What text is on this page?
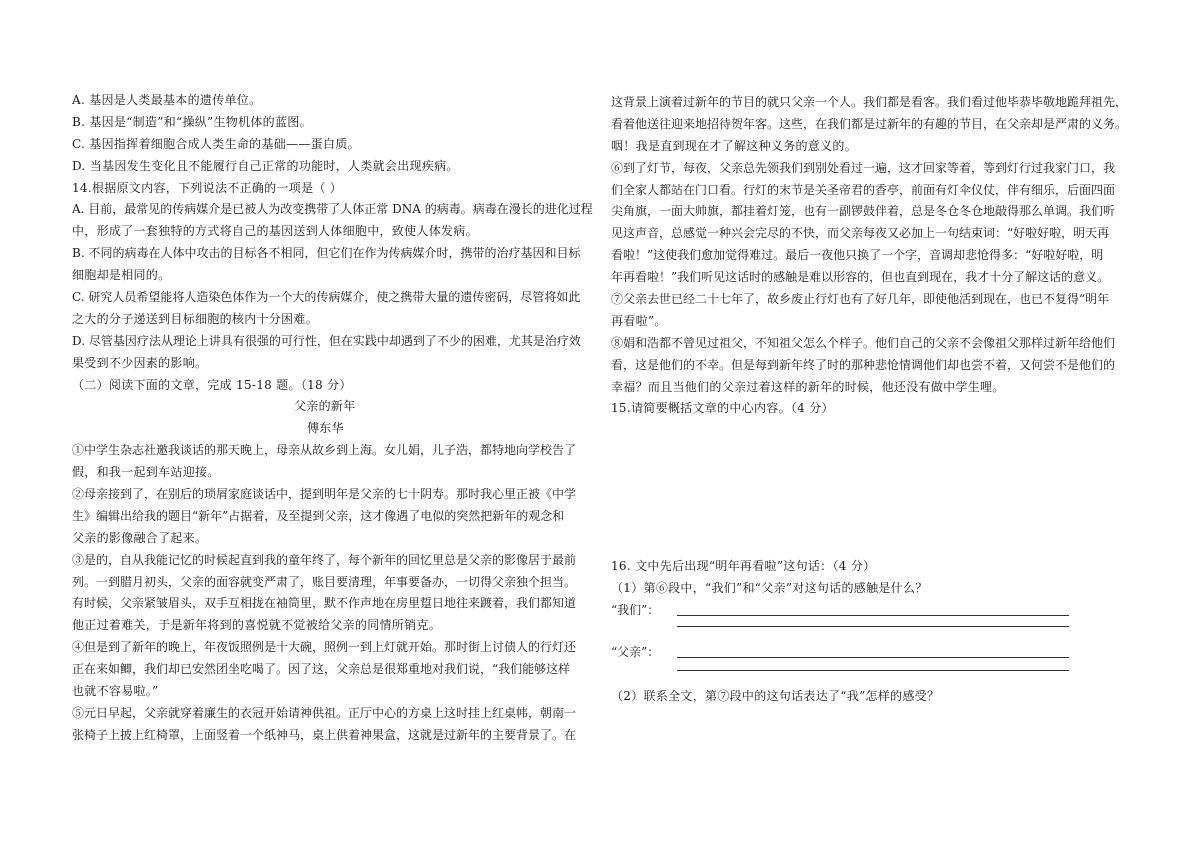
A. 基因是人类最基本的遗传单位。
B. 基因是“制造”和“操纵”生物机体的蓝图。
C. 基因指挥着细胞合成人类生命的基础——蛋白质。
D. 当基因发生变化且不能履行自己正常的功能时，人类就会出现疾病。
14.根据原文内容，下列说法不正确的一项是（ ）
A. 目前，最常见的传病媒介是已被人为改变携带了人体正常 DNA 的病毒。病毒在漫长的进化过程
中，形成了一套独特的方式将自己的基因送到人体细胞中，致使人体发病。
B. 不同的病毒在人体中攻击的目标各不相同，但它们在作为传病媒介时，携带的治疗基因和目标
细胞却是相同的。
C. 研究人员希望能将人造染色体作为一个大的传病媒介，使之携带大量的遗传密码，尽管将如此
之大的分子递送到目标细胞的核内十分困难。
D. 尽管基因疗法从理论上讲具有很强的可行性，但在实践中却遇到了不少的困难，尤其是治疗效
果受到不少因素的影响。
（二）阅读下面的文章，完成 15-18 题。（18 分）
父亲的新年
傅东华
①中学生杂志社邀我谈话的那天晚上，母亲从故乡到上海。女儿娟，儿子浩，都特地向学校告了
假，和我一起到车站迎接。
②母亲接到了，在别后的琐屑家庭谈话中，提到明年是父亲的七十阴寿。那时我心里正被《中学
生》编辑出给我的题目“新年”占据着，及至提到父亲，这才像遇了电似的突然把新年的观念和
父亲的影像融合了起来。
③是的，自从我能记忆的时候起直到我的童年终了，每个新年的回忆里总是父亲的影像居于最前
列。一到腊月初头，父亲的面容就变严肃了，账目要清理，年事要备办，一切得父亲独个担当。
有时候，父亲紧皱眉头，双手互相拢在袖筒里，默不作声地在房里踅日地往来踱着，我们都知道
他正过着难关，于是新年将到的喜悦就不觉被给父亲的同情所销克。
④但是到了新年的晚上，年夜饭照例是十大碗，照例一到上灯就开始。那时街上讨债人的行灯还
正在来如鲫，我们却已安然团坐吃喝了。因了这，父亲总是很郑重地对我们说，“我们能够这样
也就不容易啦。”
⑤元日早起，父亲就穿着廉生的衣冠开始请神供祖。正厅中心的方桌上这时挂上红桌帏，朝南一
张椅子上披上红椅罩，上面竖着一个纸神马，桌上供着神果盒，这就是过新年的主要背景了。在
这背景上演着过新年的节目的就只父亲一个人。我们都是看客。我们看过他毕恭毕敬地跪拜祖先，
看着他送往迎来地招待贺年客。这些，在我们都是过新年的有趣的节目，在父亲却是严肃的义务。
咽！我是直到现在才了解这种义务的意义的。
⑥到了灯节，每夜，父亲总先领我们到别处看过一遍，这才回家等着，等到灯行过我家门口，我
们全家人都站在门口看。行灯的末节是关圣帝君的香亭，前面有灯伞仪仗，伴有细乐，后面四面
尖角旗，一面大帅旗，都挂着灯笼，也有一副锣鼓伴着，总是冬仓冬仓地敲得那么单调。我们听
见这声音，总感觉一种兴会完尽的不快，而父亲每夜又必加上一句结束词：“好啦好啦，明天再
看啦！”这使我们愈加觉得难过。最后一夜他只换了一个字，音调却悲怆得多：“好啦好啦，明
年再看啦！”我们听见这话时的感触是难以形容的，但也直到现在，我才十分了解这话的意义。
⑦父亲去世已经二十七年了，故乡废止行灯也有了好几年，即使他活到现在，也已不复得“明年
再看啦”。
⑧娟和浩都不曾见过祖父，不知祖父怎么个样子。他们自己的父亲不会像祖父那样过新年给他们
看，这是他们的不幸。但是每到新年终了时的那种悲怆情调他们却也尝不着，又何尝不是他们的
幸福？而且当他们的父亲过着这样的新年的时候，他还没有做中学生哩。
15.请简要概括文章的中心内容。（4 分）
16. 文中先后出现“明年再看啦”这句话：（4 分）
（1）第⑥段中，“我们”和“父亲”对这句话的感触是什么？
“我们”：
“父亲”：
（2）联系全文，第⑦段中的这句话表达了“我”怎样的感受？
